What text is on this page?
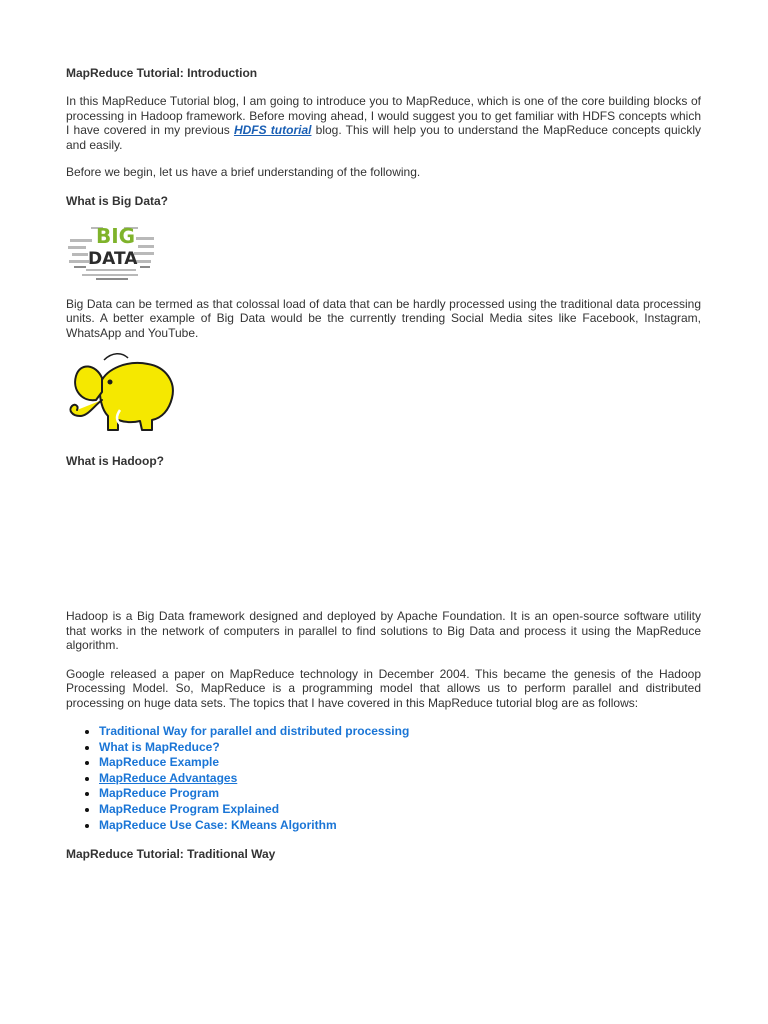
MapReduce Tutorial: Introduction

In this MapReduce Tutorial blog, I am going to introduce you to MapReduce, which is one of the core building blocks of processing in Hadoop framework. Before moving ahead, I would suggest you to get familiar with HDFS concepts which I have covered in my previous HDFS tutorial blog. This will help you to understand the MapReduce concepts quickly and easily.

Before we begin, let us have a brief understanding of the following.

What is Big Data?

BIG
DATA

Big Data can be termed as that colossal load of data that can be hardly processed using the traditional data processing units. A better example of Big Data would be the currently trending Social Media sites like Facebook, Instagram, WhatsApp and YouTube.

What is Hadoop?

Hadoop is a Big Data framework designed and deployed by Apache Foundation. It is an open-source software utility that works in the network of computers in parallel to find solutions to Big Data and process it using the MapReduce algorithm.

Google released a paper on MapReduce technology in December 2004. This became the genesis of the Hadoop Processing Model. So, MapReduce is a programming model that allows us to perform parallel and distributed processing on huge data sets. The topics that I have covered in this MapReduce tutorial blog are as follows:

• Traditional Way for parallel and distributed processing
• What is MapReduce?
• MapReduce Example
• MapReduce Advantages
• MapReduce Program
• MapReduce Program Explained
• MapReduce Use Case: KMeans Algorithm

MapReduce Tutorial: Traditional Way
